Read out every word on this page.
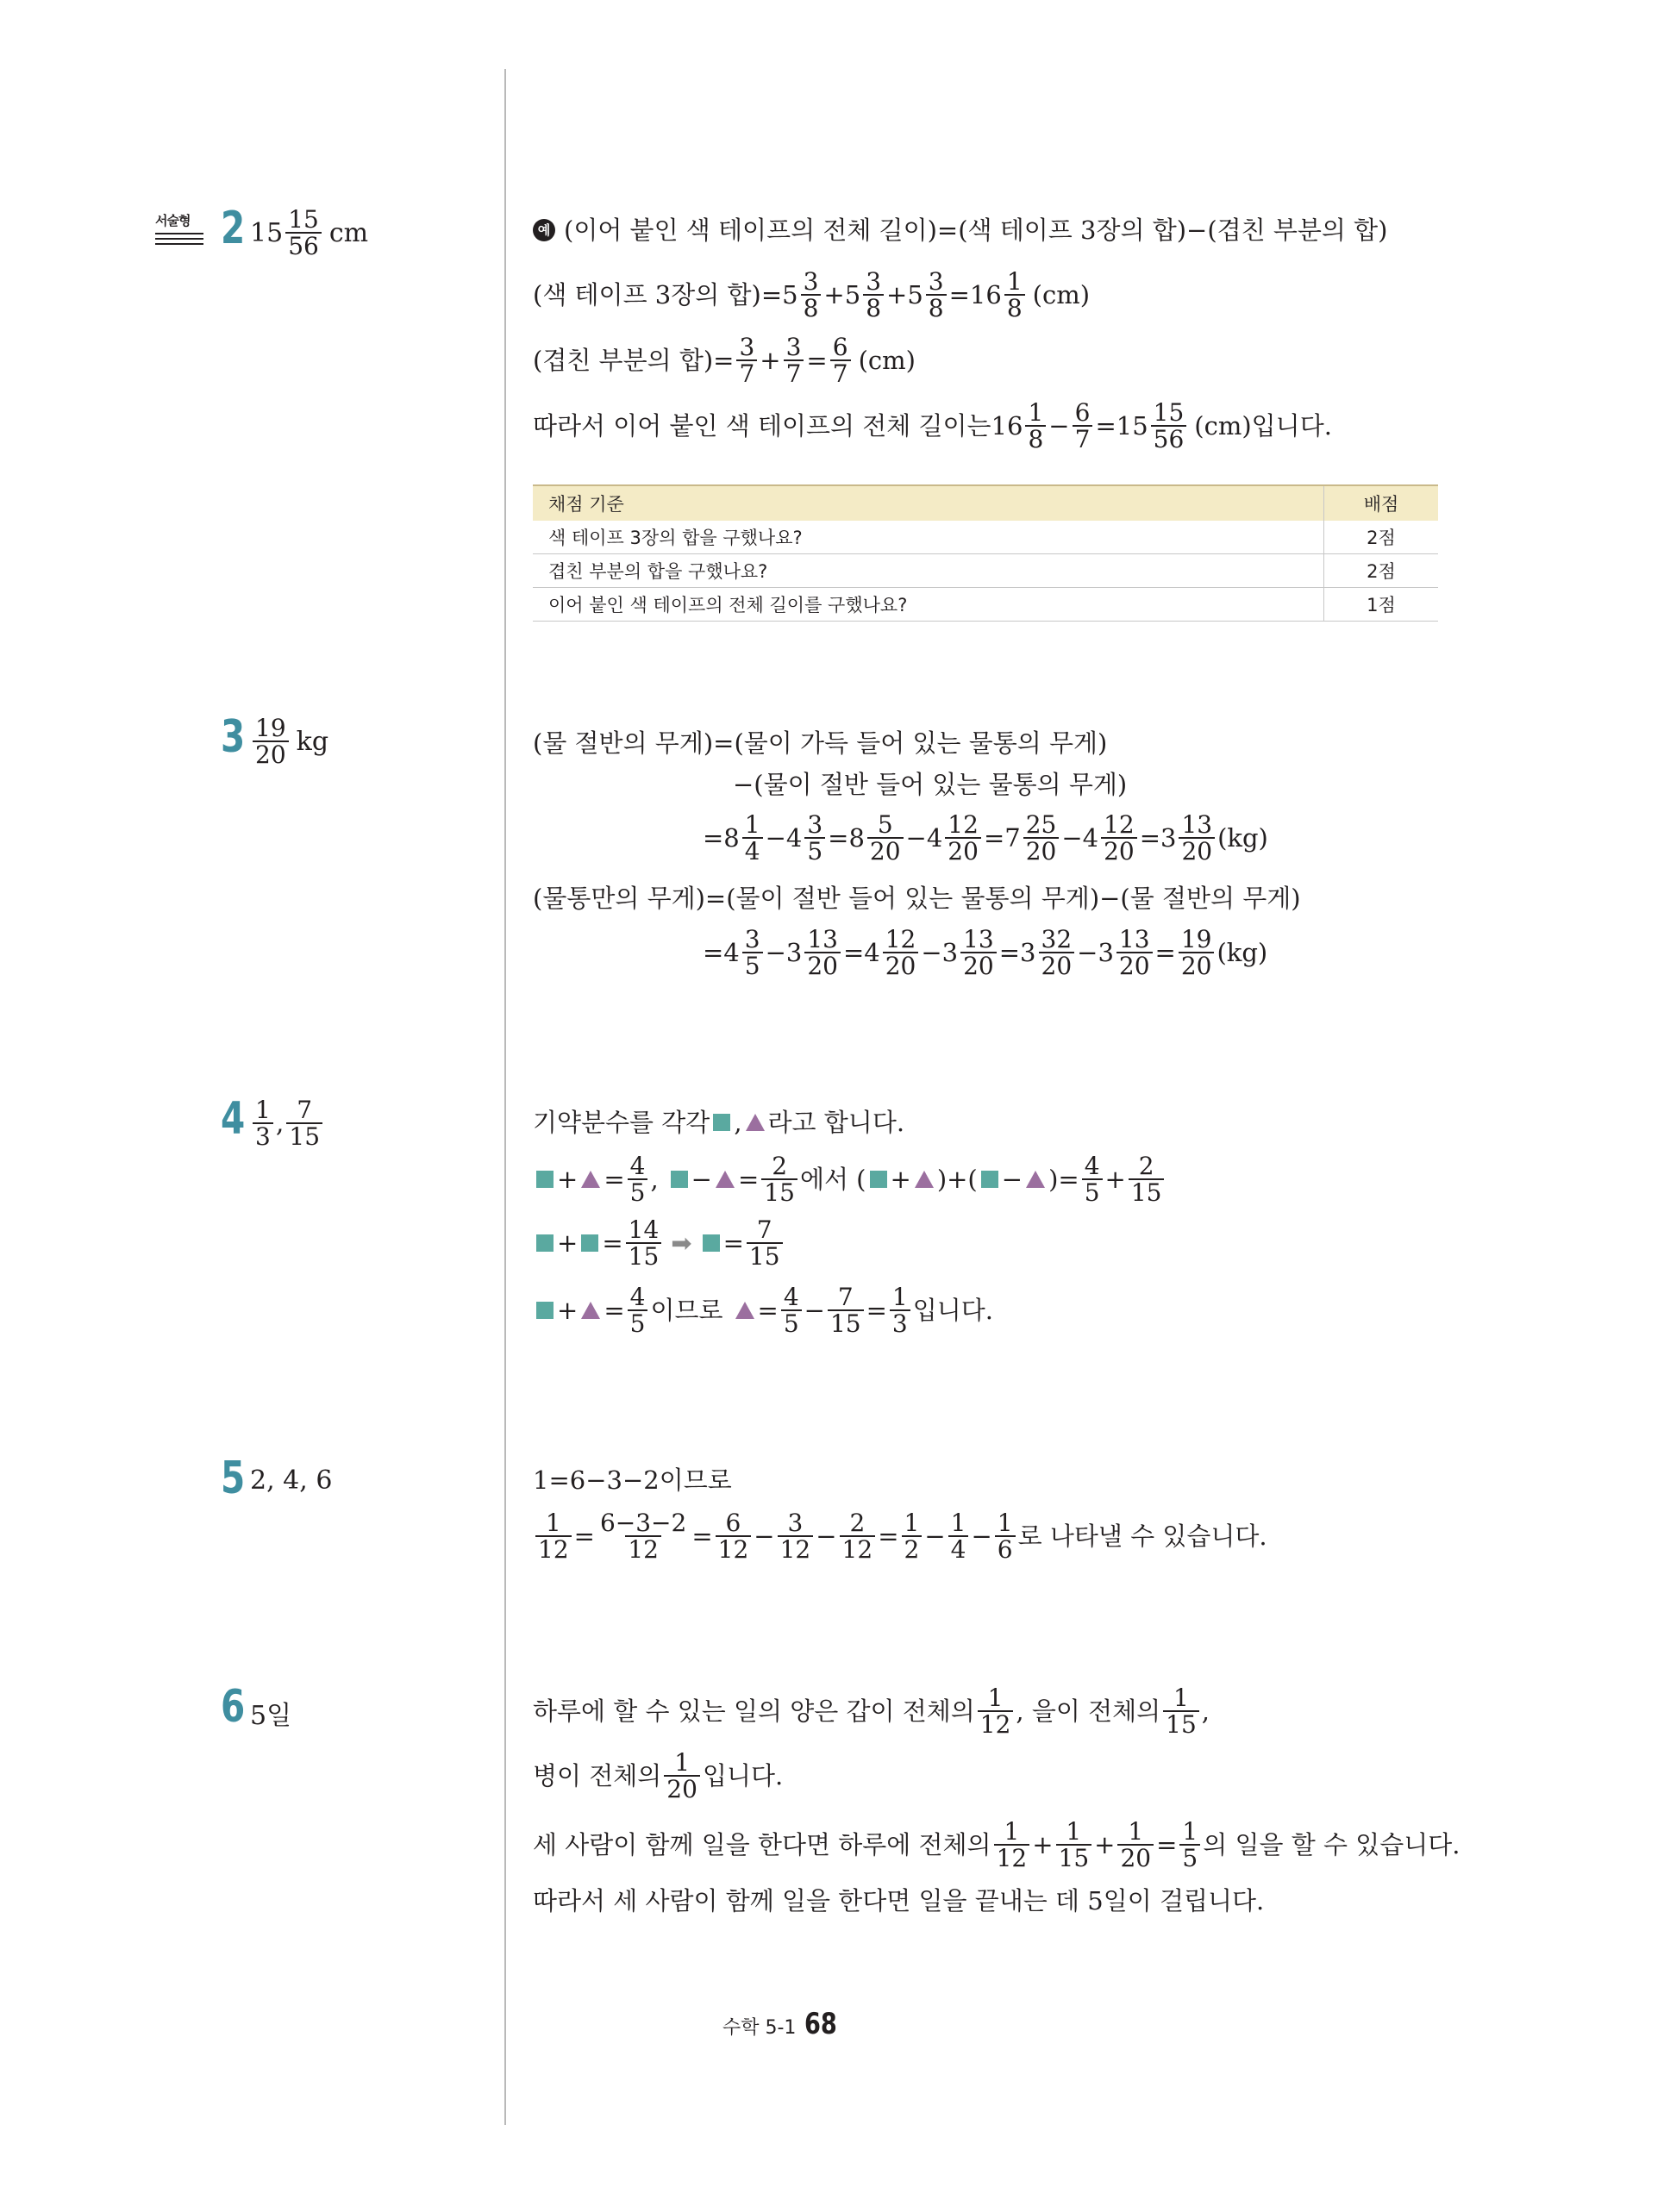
서술형 2 $15 \frac{15}{56}$ cm	예 (이어 붙인 색 테이프의 전체 길이)=(색 테이프 3장의 합)−(겹친 부분의 합)
(색 테이프 3장의 합)= $5 \frac{3}{8} + 5 \frac{3}{8} + 5 \frac{3}{8} = 16 \frac{1}{8} (cm)$
(겹친 부분의 합)= $\frac{3}{7} + \frac{3}{7} = \frac{6}{7} (cm)$
따라서 이어 붙인 색 테이프의 전체 길이는 $16 \frac{1}{8} - \frac{6}{7} = 15 \frac{15}{56} (cm)$입니다.
채점 기준	배점
색 테이프 3장의 합을 구했나요?	2점
겹친 부분의 합을 구했나요?	2점
이어 붙인 색 테이프의 전체 길이를 구했나요?	1점
$3 \frac{19}{20}$ kg	(물 절반의 무게)=(물이 가득 들어 있는 물통의 무게)
−(물이 절반 들어 있는 물통의 무게)
$=8 \frac{1}{4} -4 \frac{3}{5} =8 \frac{5}{20} -4 \frac{12}{20} =7 \frac{25}{20} -4 \frac{12}{20} =3 \frac{13}{20} (kg)$
(물통만의 무게)=(물이 절반 들어 있는 물통의 무게)−(물 절반의 무게)
$=4 \frac{3}{5} -3 \frac{13}{20} =4 \frac{12}{20} -3 \frac{13}{20} =3 \frac{32}{20} -3 \frac{13}{20} = \frac{19}{20} (kg)$
$4 \frac{1}{3}$ , $\frac{7}{15}$	기약분수를 각각 , 라고 합니다.
+ = $\frac{4}{5}$ , − = $\frac{2}{15}$ 에서 ( + )+( − )= $\frac{4}{5} + \frac{2}{15}$
+ = $\frac{14}{15}$ ➡ = $\frac{7}{15}$
+ = $\frac{4}{5}$ 이므로 = $\frac{4}{5} - \frac{7}{15} = \frac{1}{3}$ 입니다.
5 2, 4, 6	1=6−3−2이므로
$\frac{1}{12} = \frac{6-3-2}{12} = \frac{6}{12} - \frac{3}{12} - \frac{2}{12} = \frac{1}{2} - \frac{1}{4} - \frac{1}{6}$ 로 나타낼 수 있습니다.
6 5일	하루에 할 수 있는 일의 양은 갑이 전체의 $\frac{1}{12}$ , 을이 전체의 $\frac{1}{15}$ ,
병이 전체의 $\frac{1}{20}$ 입니다.
세 사람이 함께 일을 한다면 하루에 전체의 $\frac{1}{12} + \frac{1}{15} + \frac{1}{20} = \frac{1}{5}$ 의 일을 할 수 있습니다.
따라서 세 사람이 함께 일을 한다면 일을 끝내는 데 5일이 걸립니다.
수학 5-1 68
